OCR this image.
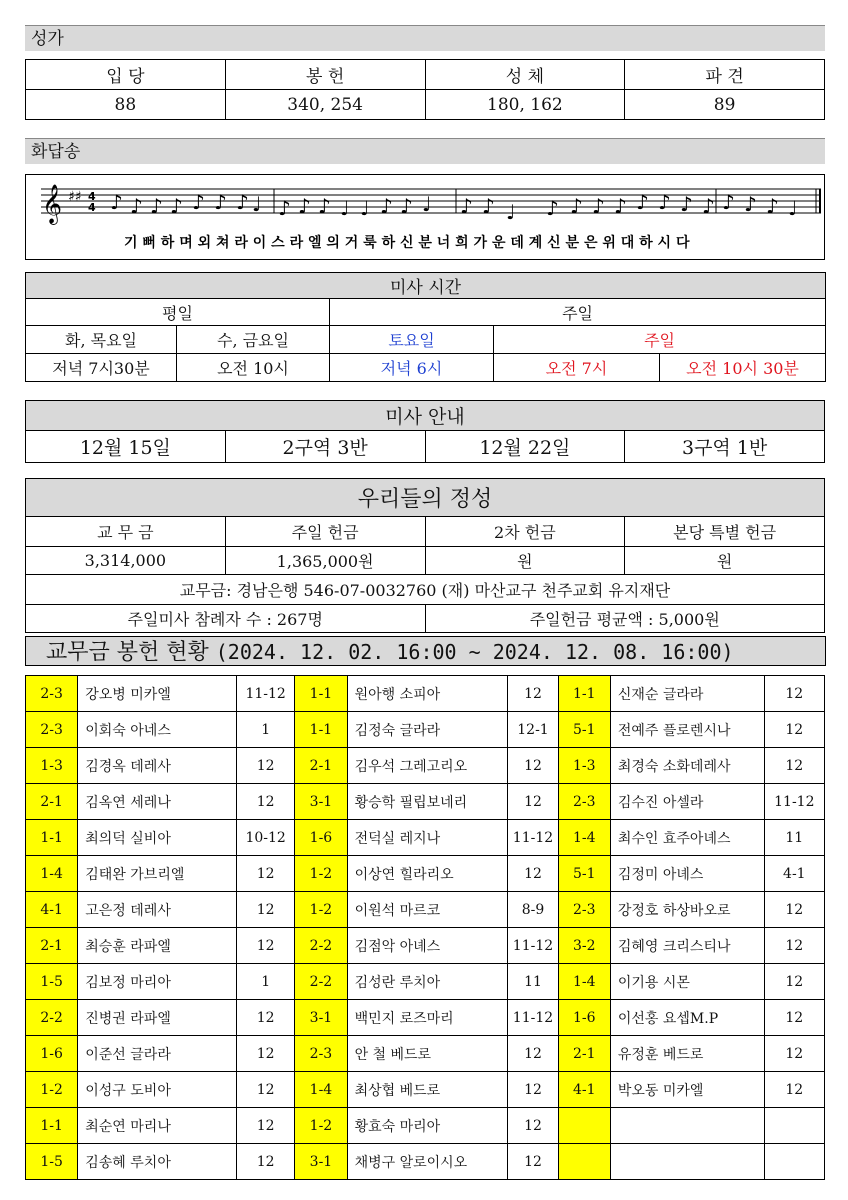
성가
입 당	봉 헌	성 체	파 견
88	340, 254	180, 162	89
화답송
𝄞 ♯♯ 4
4 ♪ ♪ ♪ ♪ ♪ ♪ ♪ ♩ ♪ ♪ ♪ ♩ ♩ ♪ ♪ ♩ ♪ ♪ ♩ ♪ ♪ ♪ ♪ ♪ ♪ ♪ ♪ ♪ ♪ ♪ ♩
기 뻐 하 며 외 쳐 라 이 스 라 엘 의 거 룩 하 신 분 너 희 가 운 데 계 신 분 은 위 대 하 시 다
미사 시간				
평일		주일		
화, 목요일	수, 금요일	토요일	주일	
저녁 7시30분	오전 10시	저녁 6시	오전 7시	오전 10시 30분
미사 안내
12월 15일	2구역 3반	12월 22일	3구역 1반
우리들의 정성			
교 무 금	주일 헌금	2차 헌금	본당 특별 헌금
3,314,000	1,365,000원	원	원
교무금: 경남은행 546-07-0032760 (재) 마산교구 천주교회 유지재단			
주일미사 참례자 수 : 267명		주일헌금 평균액 : 5,000원	
교무금 봉헌 현황 (2024. 12. 02. 16:00 ~ 2024. 12. 08. 16:00)
2-3	강오병 미카엘	11-12	1-1	원아행 소피아	12	1-1	신재순 글라라	12
2-3	이회숙 아네스	1	1-1	김정숙 글라라	12-1	5-1	전예주 플로렌시나	12
1-3	김경옥 데레사	12	2-1	김우석 그레고리오	12	1-3	최경숙 소화데레사	12
2-1	김옥연 세레나	12	3-1	황승학 필립보네리	12	2-3	김수진 아셀라	11-12
1-1	최의덕 실비아	10-12	1-6	전덕실 레지나	11-12	1-4	최수인 효주아녜스	11
1-4	김태완 가브리엘	12	1-2	이상연 힐라리오	12	5-1	김정미 아녜스	4-1
4-1	고은정 데레사	12	1-2	이원석 마르코	8-9	2-3	강정호 하상바오로	12
2-1	최승훈 라파엘	12	2-2	김점악 아녜스	11-12	3-2	김혜영 크리스티나	12
1-5	김보정 마리아	1	2-2	김성란 루치아	11	1-4	이기용 시몬	12
2-2	진병권 라파엘	12	3-1	백민지 로즈마리	11-12	1-6	이선홍 요셉M.P	12
1-6	이준선 글라라	12	2-3	안 철 베드로	12	2-1	유정훈 베드로	12
1-2	이성구 도비아	12	1-4	최상협 베드로	12	4-1	박오동 미카엘	12
1-1	최순연 마리나	12	1-2	황효숙 마리아	12			
1-5	김송혜 루치아	12	3-1	채병구 알로이시오	12			
